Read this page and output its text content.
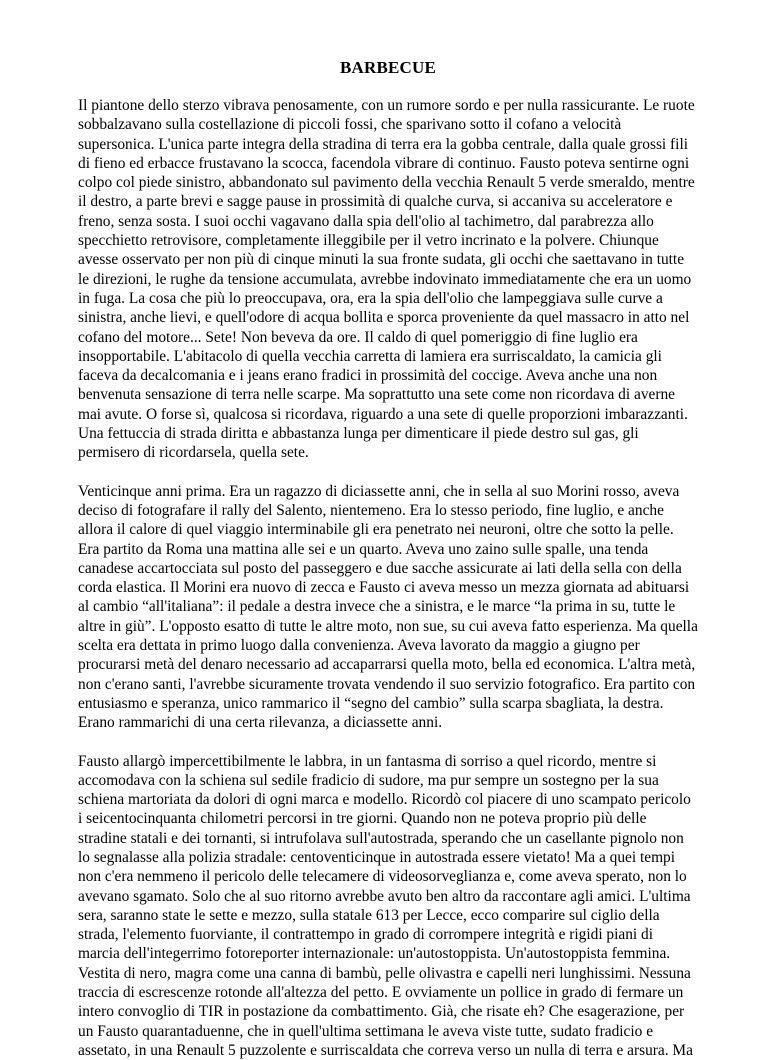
BARBECUE

Il piantone dello sterzo vibrava penosamente, con un rumore sordo e per nulla rassicurante. Le ruote sobbalzavano sulla costellazione di piccoli fossi, che sparivano sotto il cofano a velocità supersonica. L'unica parte integra della stradina di terra era la gobba centrale, dalla quale grossi fili di fieno ed erbacce frustavano la scocca, facendola vibrare di continuo. Fausto poteva sentirne ogni colpo col piede sinistro, abbandonato sul pavimento della vecchia Renault 5 verde smeraldo, mentre il destro, a parte brevi e sagge pause in prossimità di qualche curva, si accaniva su acceleratore e freno, senza sosta. I suoi occhi vagavano dalla spia dell'olio al tachimetro, dal parabrezza allo specchietto retrovisore, completamente illeggibile per il vetro incrinato e la polvere. Chiunque avesse osservato per non più di cinque minuti la sua fronte sudata, gli occhi che saettavano in tutte le direzioni, le rughe da tensione accumulata, avrebbe indovinato immediatamente che era un uomo in fuga. La cosa che più lo preoccupava, ora, era la spia dell'olio che lampeggiava sulle curve a sinistra, anche lievi, e quell'odore di acqua bollita e sporca proveniente da quel massacro in atto nel cofano del motore... Sete! Non beveva da ore. Il caldo di quel pomeriggio di fine luglio era insopportabile. L'abitacolo di quella vecchia carretta di lamiera era surriscaldato, la camicia gli faceva da decalcomania e i jeans erano fradici in prossimità del coccige. Aveva anche una non benvenuta sensazione di terra nelle scarpe. Ma soprattutto una sete come non ricordava di averne mai avute. O forse sì, qualcosa si ricordava, riguardo a una sete di quelle proporzioni imbarazzanti. Una fettuccia di strada diritta e abbastanza lunga per dimenticare il piede destro sul gas, gli permisero di ricordarsela, quella sete.

Venticinque anni prima. Era un ragazzo di diciassette anni, che in sella al suo Morini rosso, aveva deciso di fotografare il rally del Salento, nientemeno. Era lo stesso periodo, fine luglio, e anche allora il calore di quel viaggio interminabile gli era penetrato nei neuroni, oltre che sotto la pelle. Era partito da Roma una mattina alle sei e un quarto. Aveva uno zaino sulle spalle, una tenda canadese accartocciata sul posto del passeggero e due sacche assicurate ai lati della sella con della corda elastica. Il Morini era nuovo di zecca e Fausto ci aveva messo un mezza giornata ad abituarsi al cambio “all'italiana”: il pedale a destra invece che a sinistra, e le marce “la prima in su, tutte le altre in giù”. L'opposto esatto di tutte le altre moto, non sue, su cui aveva fatto esperienza. Ma quella scelta era dettata in primo luogo dalla convenienza. Aveva lavorato da maggio a giugno per procurarsi metà del denaro necessario ad accaparrarsi quella moto, bella ed economica. L'altra metà, non c'erano santi, l'avrebbe sicuramente trovata vendendo il suo servizio fotografico. Era partito con entusiasmo e speranza, unico rammarico il “segno del cambio” sulla scarpa sbagliata, la destra. Erano rammarichi di una certa rilevanza, a diciassette anni.

Fausto allargò impercettibilmente le labbra, in un fantasma di sorriso a quel ricordo, mentre si accomodava con la schiena sul sedile fradicio di sudore, ma pur sempre un sostegno per la sua schiena martoriata da dolori di ogni marca e modello. Ricordò col piacere di uno scampato pericolo i seicentocinquanta chilometri percorsi in tre giorni. Quando non ne poteva proprio più delle stradine statali e dei tornanti, si intrufolava sull'autostrada, sperando che un casellante pignolo non lo segnalasse alla polizia stradale: centoventicinque in autostrada essere vietato! Ma a quei tempi non c'era nemmeno il pericolo delle telecamere di videosorveglianza e, come aveva sperato, non lo avevano sgamato. Solo che al suo ritorno avrebbe avuto ben altro da raccontare agli amici. L'ultima sera, saranno state le sette e mezzo, sulla statale 613 per Lecce, ecco comparire sul ciglio della strada, l'elemento fuorviante, il contrattempo in grado di corrompere integrità e rigidi piani di marcia dell'integerrimo fotoreporter internazionale: un'autostoppista. Un'autostoppista femmina. Vestita di nero, magra come una canna di bambù, pelle olivastra e capelli neri lunghissimi. Nessuna traccia di escrescenze rotonde all'altezza del petto. E ovviamente un pollice in grado di fermare un intero convoglio di TIR in postazione da combattimento. Già, che risate eh? Che esagerazione, per un Fausto quarantaduenne, che in quell'ultima settimana le aveva viste tutte, sudato fradicio e assetato, in una Renault 5 puzzolente e surriscaldata che correva verso un nulla di terra e arsura. Ma
